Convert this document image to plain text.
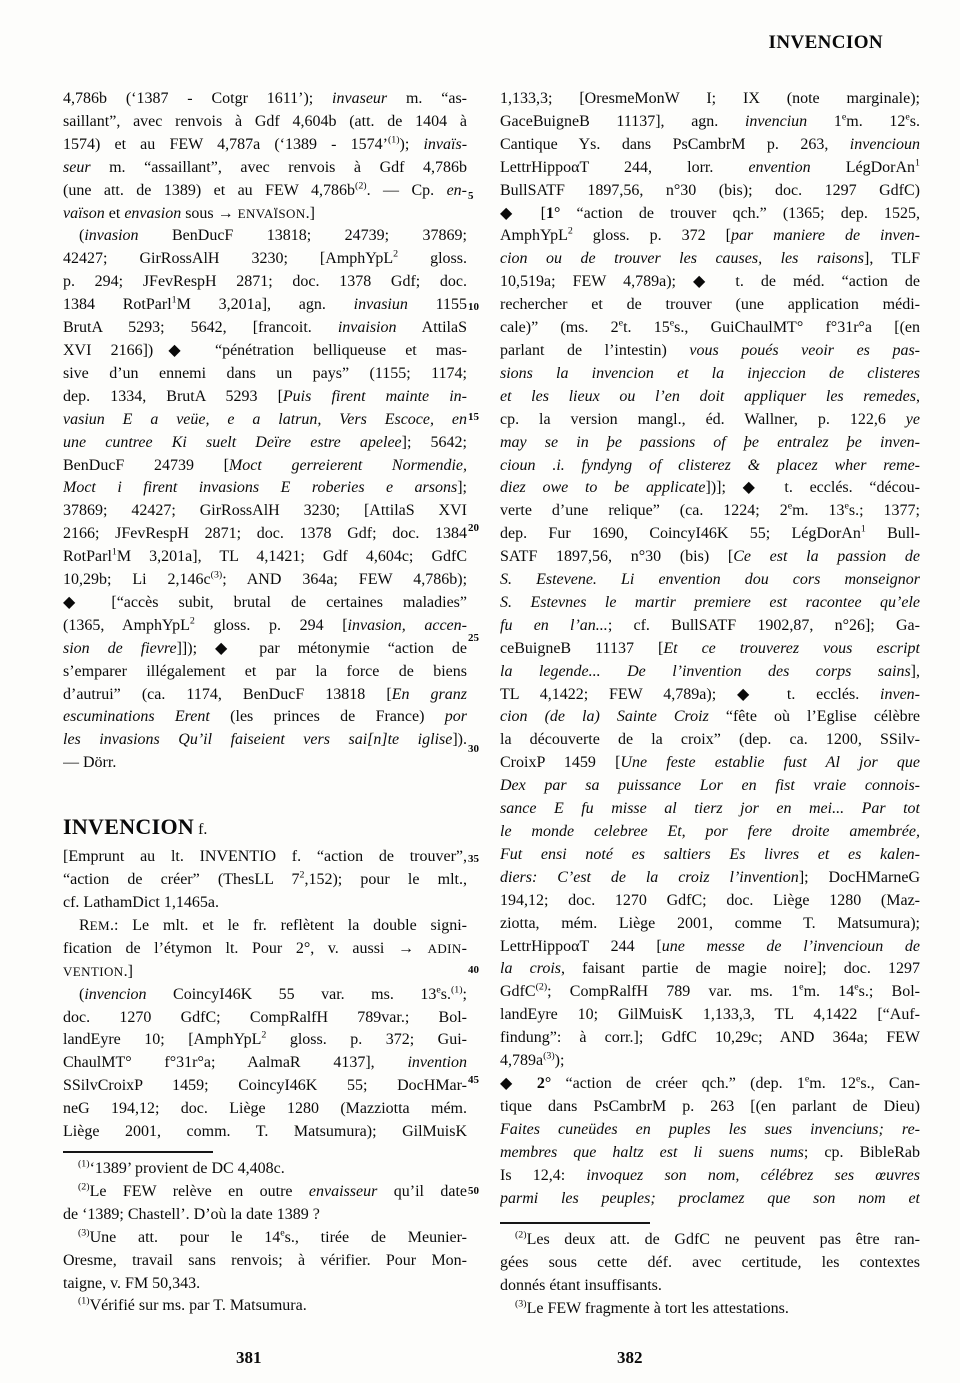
INVENCION
4,786b (‘1387 - Cotgr 1611’); invaseur m. “as-
saillant”, avec renvois à Gdf 4,604b (att. de 1404 à
1574) et au FEW 4,787a (‘1389 - 1574’$^{(1)}$); invaïs-
seur m. “assaillant”, avec renvois à Gdf 4,786b
(une att. de 1389) et au FEW $4,786b^{(2)}$. — Cp. en-
vaïson et envasion sous → ENVAÏSON.]
(invasion BenDucF 13818; 24739; 37869;
42427; GirRossAlH 3230; [AmphYpL$^2$ gloss.
p. 294; JFevRespH 2871; doc. 1378 Gdf; doc.
1384 RotParl$^1$M 3,201a], agn. invasiun 1155
BrutA 5293; 5642, [francoit. invaision AttilaS
XVI 2166])◆ “pénétration belliqueuse et mas-
sive d’un ennemi dans un pays” (1155; 1174;
dep. 1334, BrutA 5293 [Puis firent mainte in-
vasiun E a veüe, e a latrun, Vers Escoce, en
une cuntree Ki suelt Deïre estre apelee]; 5642;
BenDucF 24739 [Moct gerreierent Normendie,
Moct i firent invasions E roberies e arsons];
37869; 42427; GirRossAlH 3230; [AttilaS XVI
2166; JFevRespH 2871; doc. 1378 Gdf; doc. 1384
RotParl$^1$M 3,201a], TL 4,1421; Gdf 4,604c; GdfC
10,29b; Li $2,146c^{(3)}$; AND 364a; FEW 4,786b);
◆ [“accès subit, brutal de certaines maladies”
(1365, AmphYpL$^2$ gloss. p. 294 [invasion, accen-
sion de fievre]]); ◆ par métonymie “action de
s’emparer illégalement et par la force de biens
d’autrui” (ca. 1174, BenDucF 13818 [En granz
escuminations Erent (les princes de France) por
les invasions Qu’il faiseient vers sai[n]te iglise]).
— Dörr.
INVENCION f.
[Emprunt au lt. INVENTIO f. “action de trouver”,
“action de créer” (ThesLL $7^2,152$); pour le mlt.,
cf. LathamDict 1,1465a.
REM.: Le mlt. et le fr. reflètent la double signi-
fication de l’étymon lt. Pour 2°, v. aussi → ADIN-
VENTION.]
(invencion CoincyI46K 55 var. ms. 13es.$^{(1)}$;
doc. 1270 GdfC; CompRalfH 789var.; Bol-
landEyre 10; [AmphYpL$^2$ gloss. p. 372; Gui-
ChaulMT° f°31r°a; AalmaR 4137], invention
SSilvCroixP 1459; CoincyI46K 55; DocHMar-
neG 194,12; doc. Liège 1280 (Mazziotta mém.
Liège 2001, comm. T. Matsumura); GilMuisK
$^{(1)}$‘1389’ provient de DC 4,408c.
$^{(2)}$Le FEW relève en outre envaisseur qu’il date
de ‘1389; Chastell’. D’où la date 1389 ?
$^{(3)}$Une att. pour le 14es., tirée de Meunier-
Oresme, travail sans renvois; à vérifier. Pour Mon-
taigne, v. FM 50,343.
$^{(1)}$Vérifié sur ms. par T. Matsumura.
1,133,3; [OresmeMonW I; IX (note marginale);
GaceBuigneB 11137], agn. invenciun 1em. 12es.
Cantique Ys. dans PsCambrM p. 263, invencioun
LettrHippoαT 244, lorr. envention LégDorAn$^1$
BullSATF 1897,56, n°30 (bis); doc. 1297 GdfC)
◆ [1° “action de trouver qch.” (1365; dep. 1525,
AmphYpL$^2$ gloss. p. 372 [par maniere de inven-
cion ou de trouver les causes, les raisons], TLF
10,519a; FEW 4,789a); ◆ t. de méd. “action de
rechercher et de trouver (une application médi-
cale)” (ms. 2et. 15es., GuiChaulMT° f°31r°a [(en
parlant de l’intestin) vous poués veoir es pas-
sions la invencion et la injeccion de clisteres
et les lieux ou l’en doit appliquer les remedes,
cp. la version mangl., éd. Wallner, p. 122,6 ye
may se in þe passions of þe entralez þe inven-
cioun .i. fyndyng of clisterez & placez wher reme-
diez owe to be applicate])]; ◆ t. ecclés. “décou-
verte d’une relique” (ca. 1224; 2em. 13es.; 1377;
dep. Fur 1690, CoincyI46K 55; LégDorAn$^1$ Bull-
SATF 1897,56, n°30 (bis) [Ce est la passion de
S. Estevene. Li envention dou cors monseignor
S. Estevnes le martir premiere est racontee qu’ele
fu en l’an...; cf. BullSATF 1902,87, n°26]; Ga-
ceBuigneB 11137 [Et ce trouverez vous escript
la legende... De l’invention des corps sains],
TL 4,1422; FEW 4,789a); ◆ t. ecclés. inven-
cion (de la) Sainte Croiz “fête où l’Eglise célèbre
la découverte de la croix” (dep. ca. 1200, SSilv-
CroixP 1459 [Une feste establie fust Al jor que
Dex par sa puissance Lor en fist vraie connois-
sance E fu misse al tierz jor en mei... Par tot
le monde celebree Et, por fere droite amembrée,
Fut ensi noté es saltiers Es livres et es kalen-
diers: C’est de la croiz l’invention]; DocHMarneG
194,12; doc. 1270 GdfC; doc. Liège 1280 (Maz-
ziotta, mém. Liège 2001, comme T. Matsumura);
LettrHippoαT 244 [une messe de l’invencioun de
la crois, faisant partie de magie noire]; doc. 1297
GdfC$^{(2)}$; CompRalfH 789 var. ms. 1em. 14es.; Bol-
landEyre 10; GilMuisK 1,133,3, TL 4,1422 [“Auf-
findung”: à corr.]; GdfC 10,29c; AND 364a; FEW
$4,789a^{(3)}$);
◆ 2° “action de créer qch.” (dep. 1em. 12es., Can-
tique dans PsCambrM p. 263 [(en parlant de Dieu)
Faites cuneüdes en puples les sues invenciuns; re-
membres que haltz est li suens nums; cp. BibleRab
Is 12,4: invoquez son nom, célébrez ses œuvres
parmi les peuples; proclamez que son nom et
$^{(2)}$Les deux att. de GdfC ne peuvent pas être ran-
gées sous cette déf. avec certitude, les contextes
donnés étant insuffisants.
$^{(3)}$Le FEW fragmente à tort les attestations.
5
10
15
20
25
30
35
40
45
50
381	382
